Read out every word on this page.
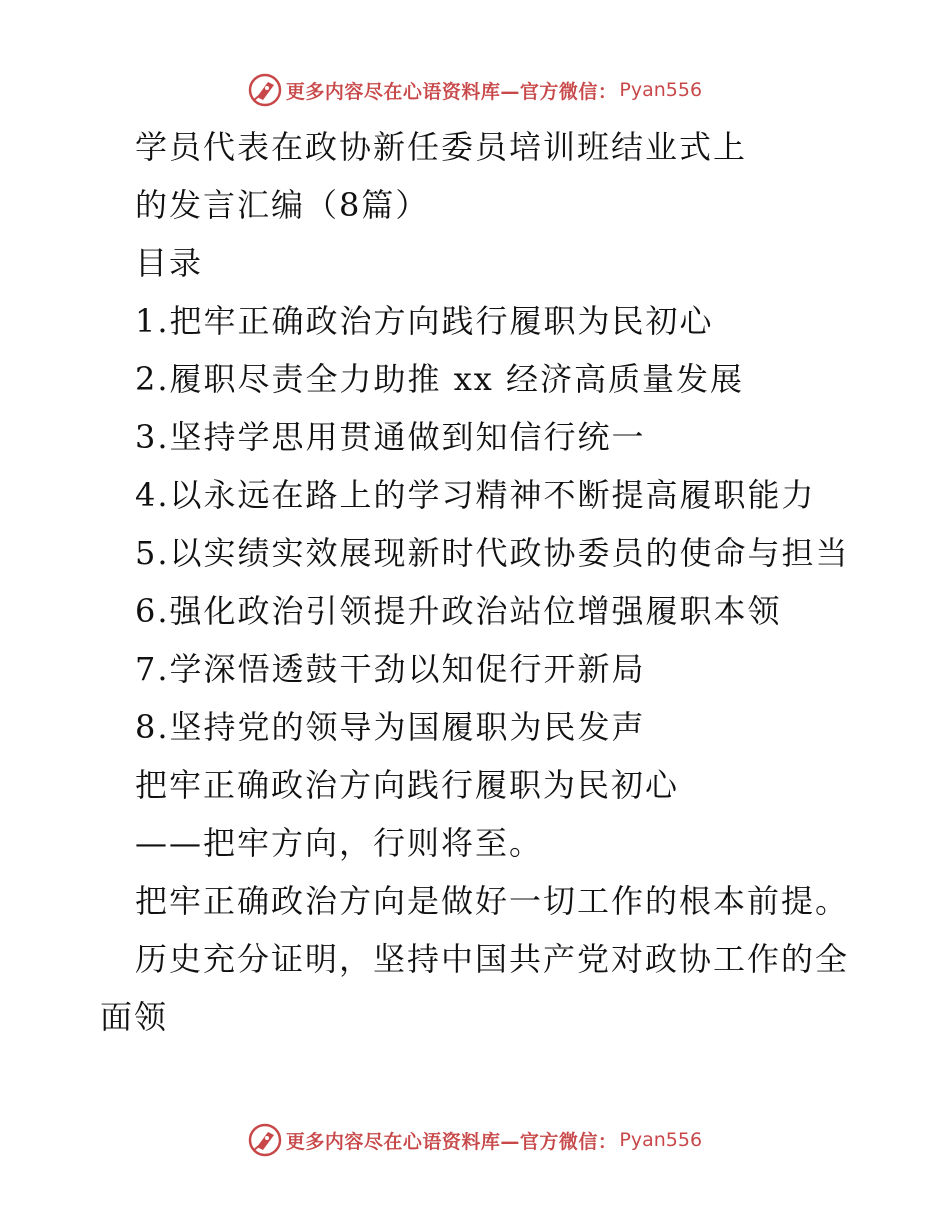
更多内容尽在心语资料库—官方微信： Pyan556
学员代表在政协新任委员培训班结业式上
的发言汇编（8篇）
目录
1.把牢正确政治方向践行履职为民初心
2.履职尽责全力助推 xx 经济高质量发展
3.坚持学思用贯通做到知信行统一
4.以永远在路上的学习精神不断提高履职能力
5.以实绩实效展现新时代政协委员的使命与担当
6.强化政治引领提升政治站位增强履职本领
7.学深悟透鼓干劲以知促行开新局
8.坚持党的领导为国履职为民发声
把牢正确政治方向践行履职为民初心
——把牢方向，行则将至。
把牢正确政治方向是做好一切工作的根本前提。
历史充分证明，坚持中国共产党对政协工作的全
面领
更多内容尽在心语资料库—官方微信： Pyan556
